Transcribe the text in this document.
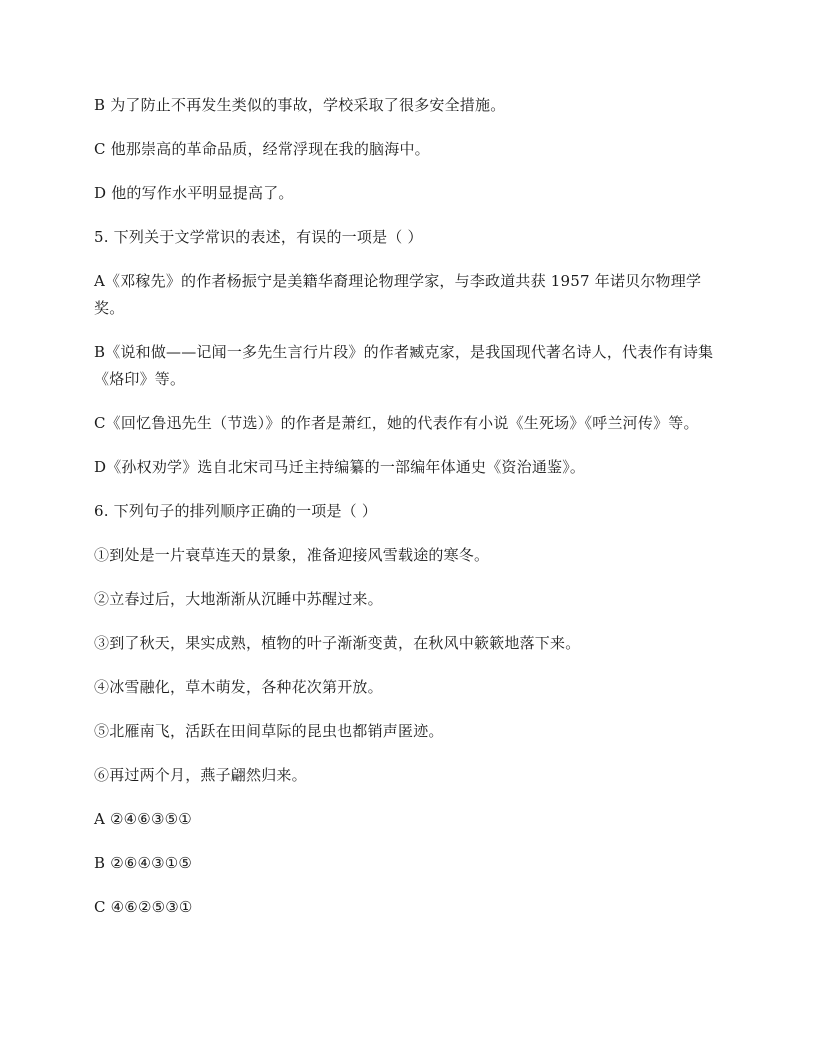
B 为了防止不再发生类似的事故，学校采取了很多安全措施。

C 他那崇高的革命品质，经常浮现在我的脑海中。

D 他的写作水平明显提高了。

5. 下列关于文学常识的表述，有误的一项是（ ）

A《邓稼先》的作者杨振宁是美籍华裔理论物理学家，与李政道共获 1957 年诺贝尔物理学奖。

B《说和做——记闻一多先生言行片段》的作者臧克家，是我国现代著名诗人，代表作有诗集《烙印》等。

C《回忆鲁迅先生（节选）》的作者是萧红，她的代表作有小说《生死场》《呼兰河传》等。

D《孙权劝学》选自北宋司马迁主持编纂的一部编年体通史《资治通鉴》。

6. 下列句子的排列顺序正确的一项是（ ）

①到处是一片衰草连天的景象，准备迎接风雪载途的寒冬。

②立春过后，大地渐渐从沉睡中苏醒过来。

③到了秋天，果实成熟，植物的叶子渐渐变黄，在秋风中簌簌地落下来。

④冰雪融化，草木萌发，各种花次第开放。

⑤北雁南飞，活跃在田间草际的昆虫也都销声匿迹。

⑥再过两个月，燕子翩然归来。

A ②④⑥③⑤①

B ②⑥④③①⑤

C ④⑥②⑤③①
